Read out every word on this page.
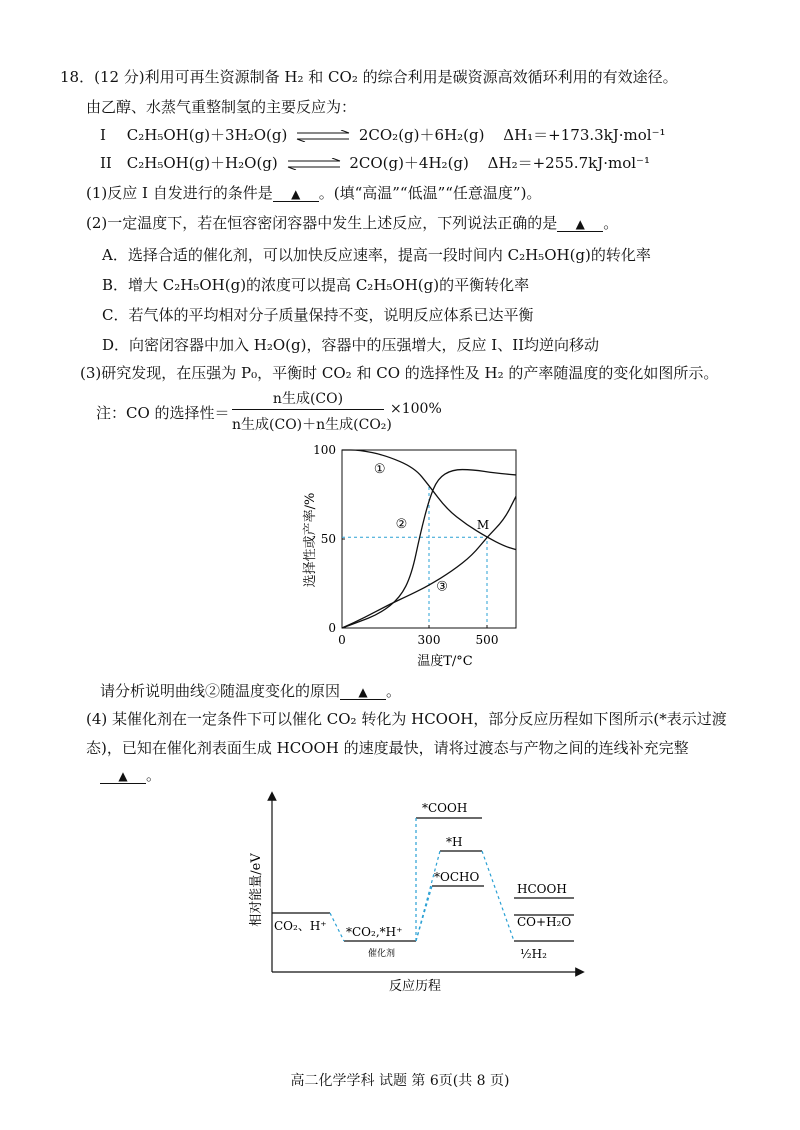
18．(12 分)利用可再生资源制备 H₂ 和 CO₂ 的综合利用是碳资源高效循环利用的有效途径。
由乙醇、水蒸气重整制氢的主要反应为：
I C₂H₅OH(g)＋3H₂O(g) ⇌ 2CO₂(g)＋6H₂(g) ΔH₁＝+173.3kJ·mol⁻¹
II C₂H₅OH(g)＋H₂O(g) ⇌ 2CO(g)＋4H₂(g) ΔH₂＝+255.7kJ·mol⁻¹
(1)反应 I 自发进行的条件是 ▲ 。(填“高温”“低温”“任意温度”)。
(2)一定温度下，若在恒容密闭容器中发生上述反应，下列说法正确的是 ▲ 。
A．选择合适的催化剂，可以加快反应速率，提高一段时间内 C₂H₅OH(g)的转化率
B．增大 C₂H₅OH(g)的浓度可以提高 C₂H₅OH(g)的平衡转化率
C．若气体的平均相对分子质量保持不变，说明反应体系已达平衡
D．向密闭容器中加入 H₂O(g)，容器中的压强增大，反应 I、II均逆向移动
(3)研究发现，在压强为 P₀，平衡时 CO₂ 和 CO 的选择性及 H₂ 的产率随温度的变化如图所示。
注：CO 的选择性＝
n生成(CO)
n生成(CO)＋n生成(CO₂)
×100%
0	300	500
0
50
100
①
②
③
M
温度T/°C
选择性或产率/%
请分析说明曲线②随温度变化的原因 ▲ 。
(4) 某催化剂在一定条件下可以催化 CO₂ 转化为 HCOOH，部分反应历程如下图所示(*表示过渡
态)，已知在催化剂表面生成 HCOOH 的速度最快，请将过渡态与产物之间的连线补充完整
▲ 。
相对能量/eV
反应历程
CO₂、H⁺ *CO₂,*H⁺
催化剂
*COOH
*H
*OCHO
HCOOH
CO+H₂O
½H₂
高二化学学科 试题 第 6页(共 8 页)
